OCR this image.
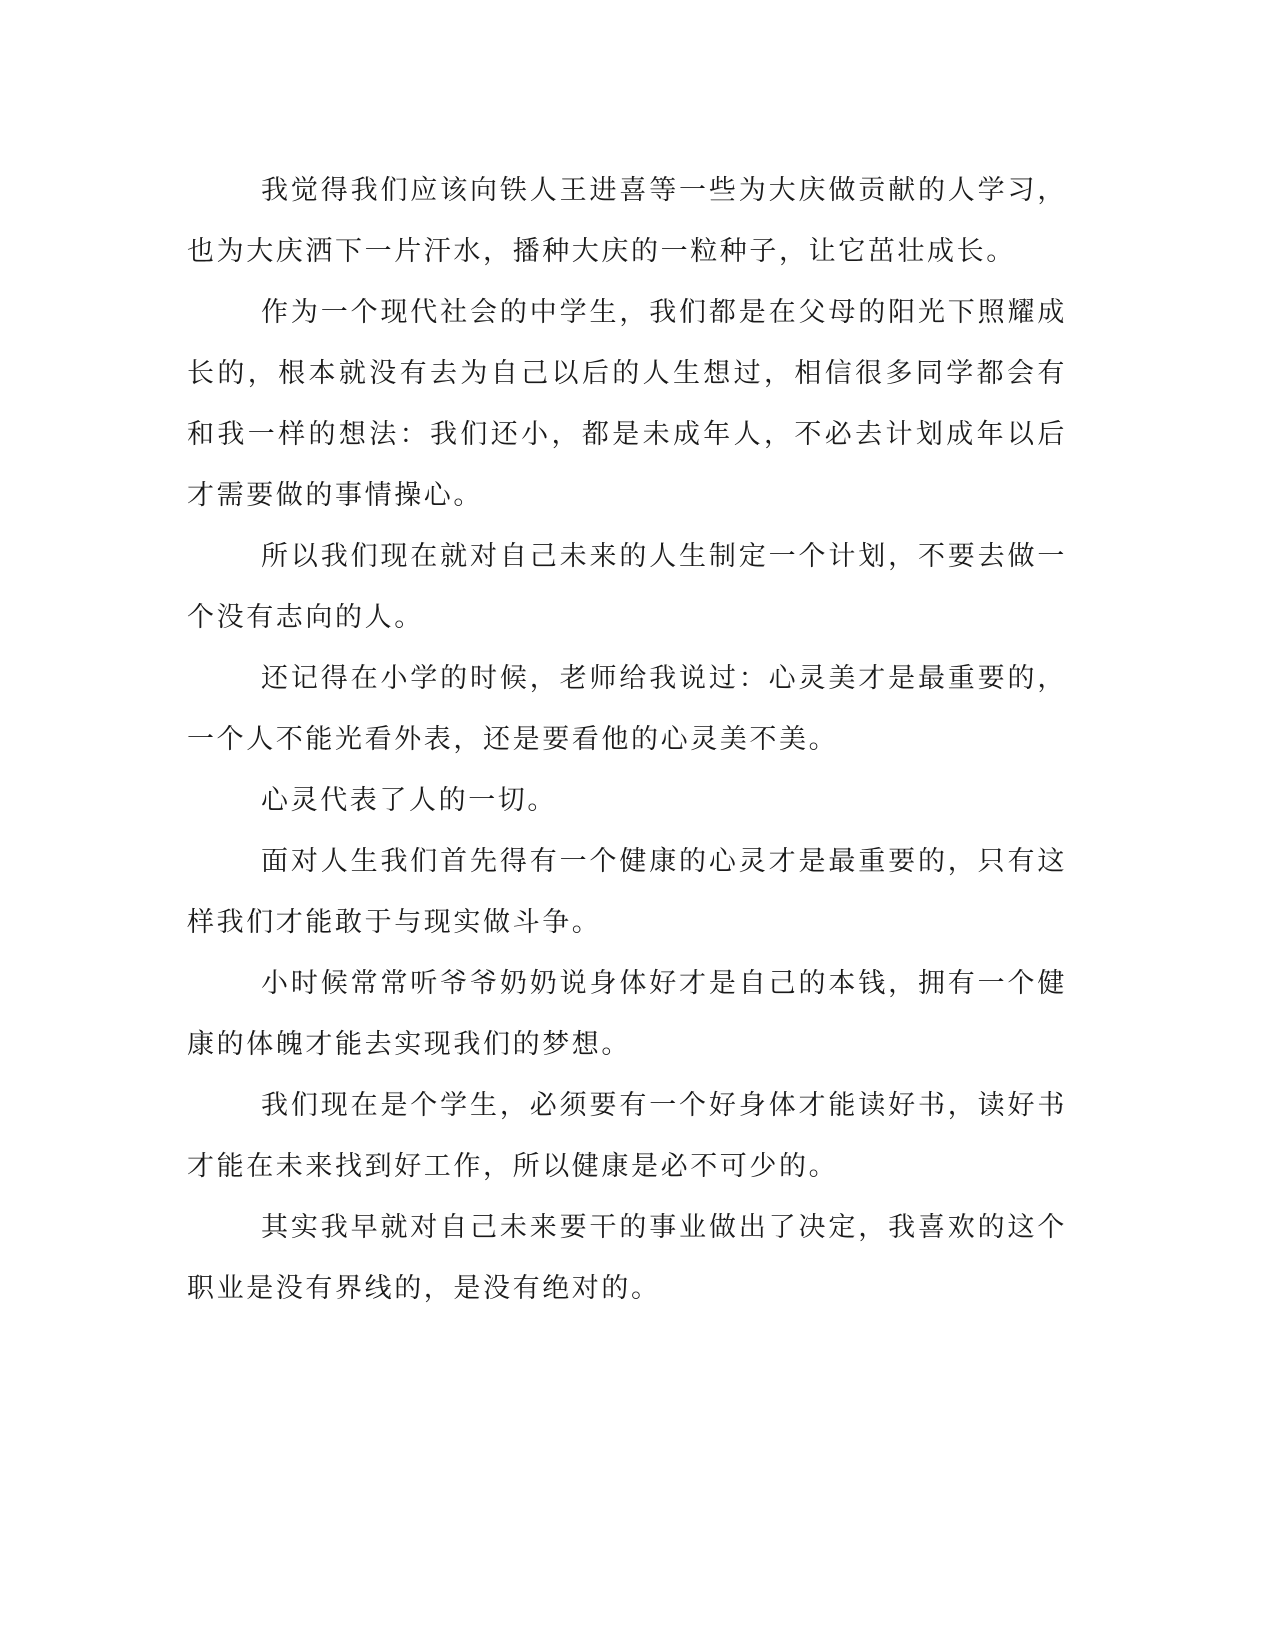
我觉得我们应该向铁人王进喜等一些为大庆做贡献的人学习，也为大庆洒下一片汗水，播种大庆的一粒种子，让它茁壮成长。

作为一个现代社会的中学生，我们都是在父母的阳光下照耀成长的，根本就没有去为自己以后的人生想过，相信很多同学都会有和我一样的想法：我们还小，都是未成年人，不必去计划成年以后才需要做的事情操心。

所以我们现在就对自己未来的人生制定一个计划，不要去做一个没有志向的人。

还记得在小学的时候，老师给我说过：心灵美才是最重要的，一个人不能光看外表，还是要看他的心灵美不美。

心灵代表了人的一切。

面对人生我们首先得有一个健康的心灵才是最重要的，只有这样我们才能敢于与现实做斗争。

小时候常常听爷爷奶奶说身体好才是自己的本钱，拥有一个健康的体魄才能去实现我们的梦想。

我们现在是个学生，必须要有一个好身体才能读好书，读好书才能在未来找到好工作，所以健康是必不可少的。

其实我早就对自己未来要干的事业做出了决定，我喜欢的这个职业是没有界线的，是没有绝对的。
